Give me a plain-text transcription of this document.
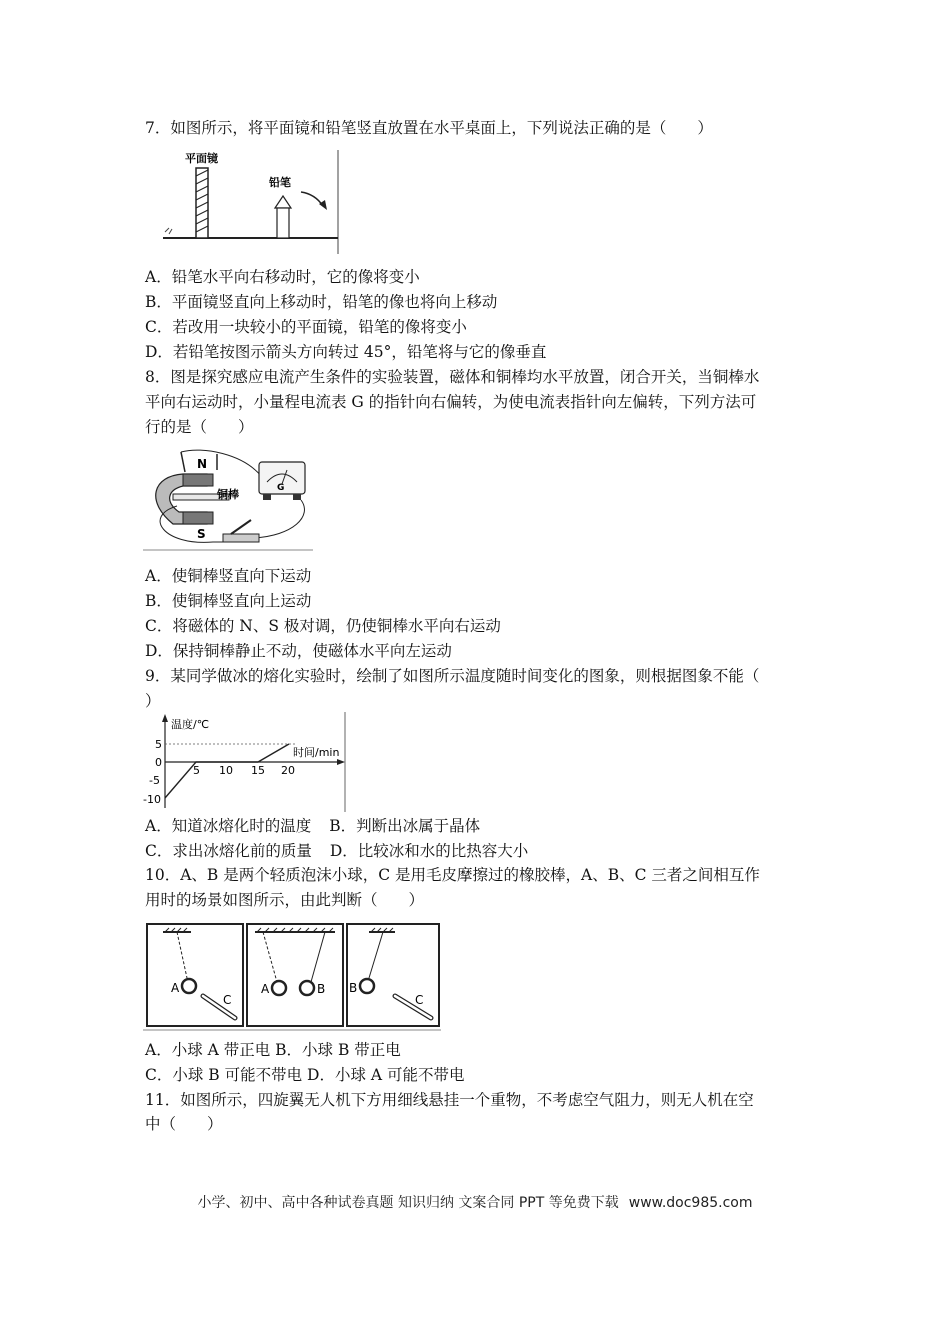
7．如图所示，将平面镜和铅笔竖直放置在水平桌面上，下列说法正确的是（　　）
平面镜
铅笔
A．铅笔水平向右移动时，它的像将变小
B．平面镜竖直向上移动时，铅笔的像也将向上移动
C．若改用一块较小的平面镜，铅笔的像将变小
D．若铅笔按图示箭头方向转过 45°，铅笔将与它的像垂直
8．图是探究感应电流产生条件的实验装置，磁体和铜棒均水平放置，闭合开关，当铜棒水
平向右运动时，小量程电流表 G 的指针向右偏转，为使电流表指针向左偏转，下列方法可
行的是（　　）
N
S
铜棒	G
A．使铜棒竖直向下运动
B．使铜棒竖直向上运动
C．将磁体的 N、S 极对调，仍使铜棒水平向右运动
D．保持铜棒静止不动，使磁体水平向左运动
9．某同学做冰的熔化实验时，绘制了如图所示温度随时间变化的图象，则根据图象不能（
）
温度/℃
时间/min
5
0
-5
-10
5 10 15 20
A．知道冰熔化时的温度 B．判断出冰属于晶体
C．求出冰熔化前的质量 D．比较冰和水的比热容大小
10．A、B 是两个轻质泡沫小球，C 是用毛皮摩擦过的橡胶棒，A、B、C 三者之间相互作
用时的场景如图所示，由此判断（　　）
A
C
A	B B
C
A．小球 A 带正电 B．小球 B 带正电
C．小球 B 可能不带电 D．小球 A 可能不带电
11．如图所示，四旋翼无人机下方用细线悬挂一个重物，不考虑空气阻力，则无人机在空
中（　　）
小学、初中、高中各种试卷真题 知识归纳 文案合同 PPT 等免费下载 www.doc985.com
